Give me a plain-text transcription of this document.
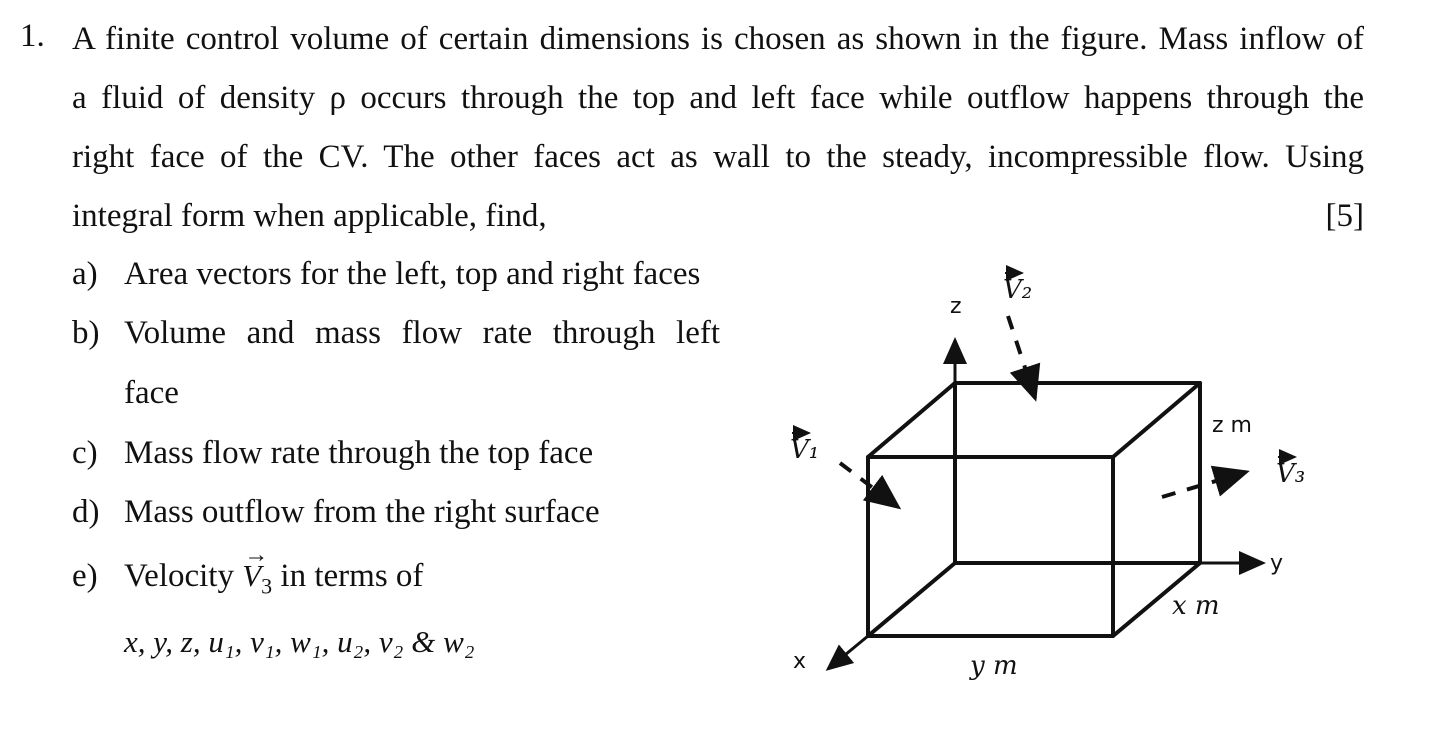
1. A finite control volume of certain dimensions is chosen as shown in the figure. Mass inflow of
a fluid of density ρ occurs through the top and left face while outflow happens through the
right face of the CV. The other faces act as wall to the steady, incompressible flow. Using
integral form when applicable, find,	[5]
a) Area vectors for the left, top and right faces
b) Volume and mass flow rate through left
face
c) Mass flow rate through the top face
d) Mass outflow from the right surface
e) Velocity
→
$V_3$ in terms of
x, y, z, u₁, v₁, w₁, u₂, v₂ & w₂
z
y
x
z m
x m
y m
V₂
V₁
V₃
